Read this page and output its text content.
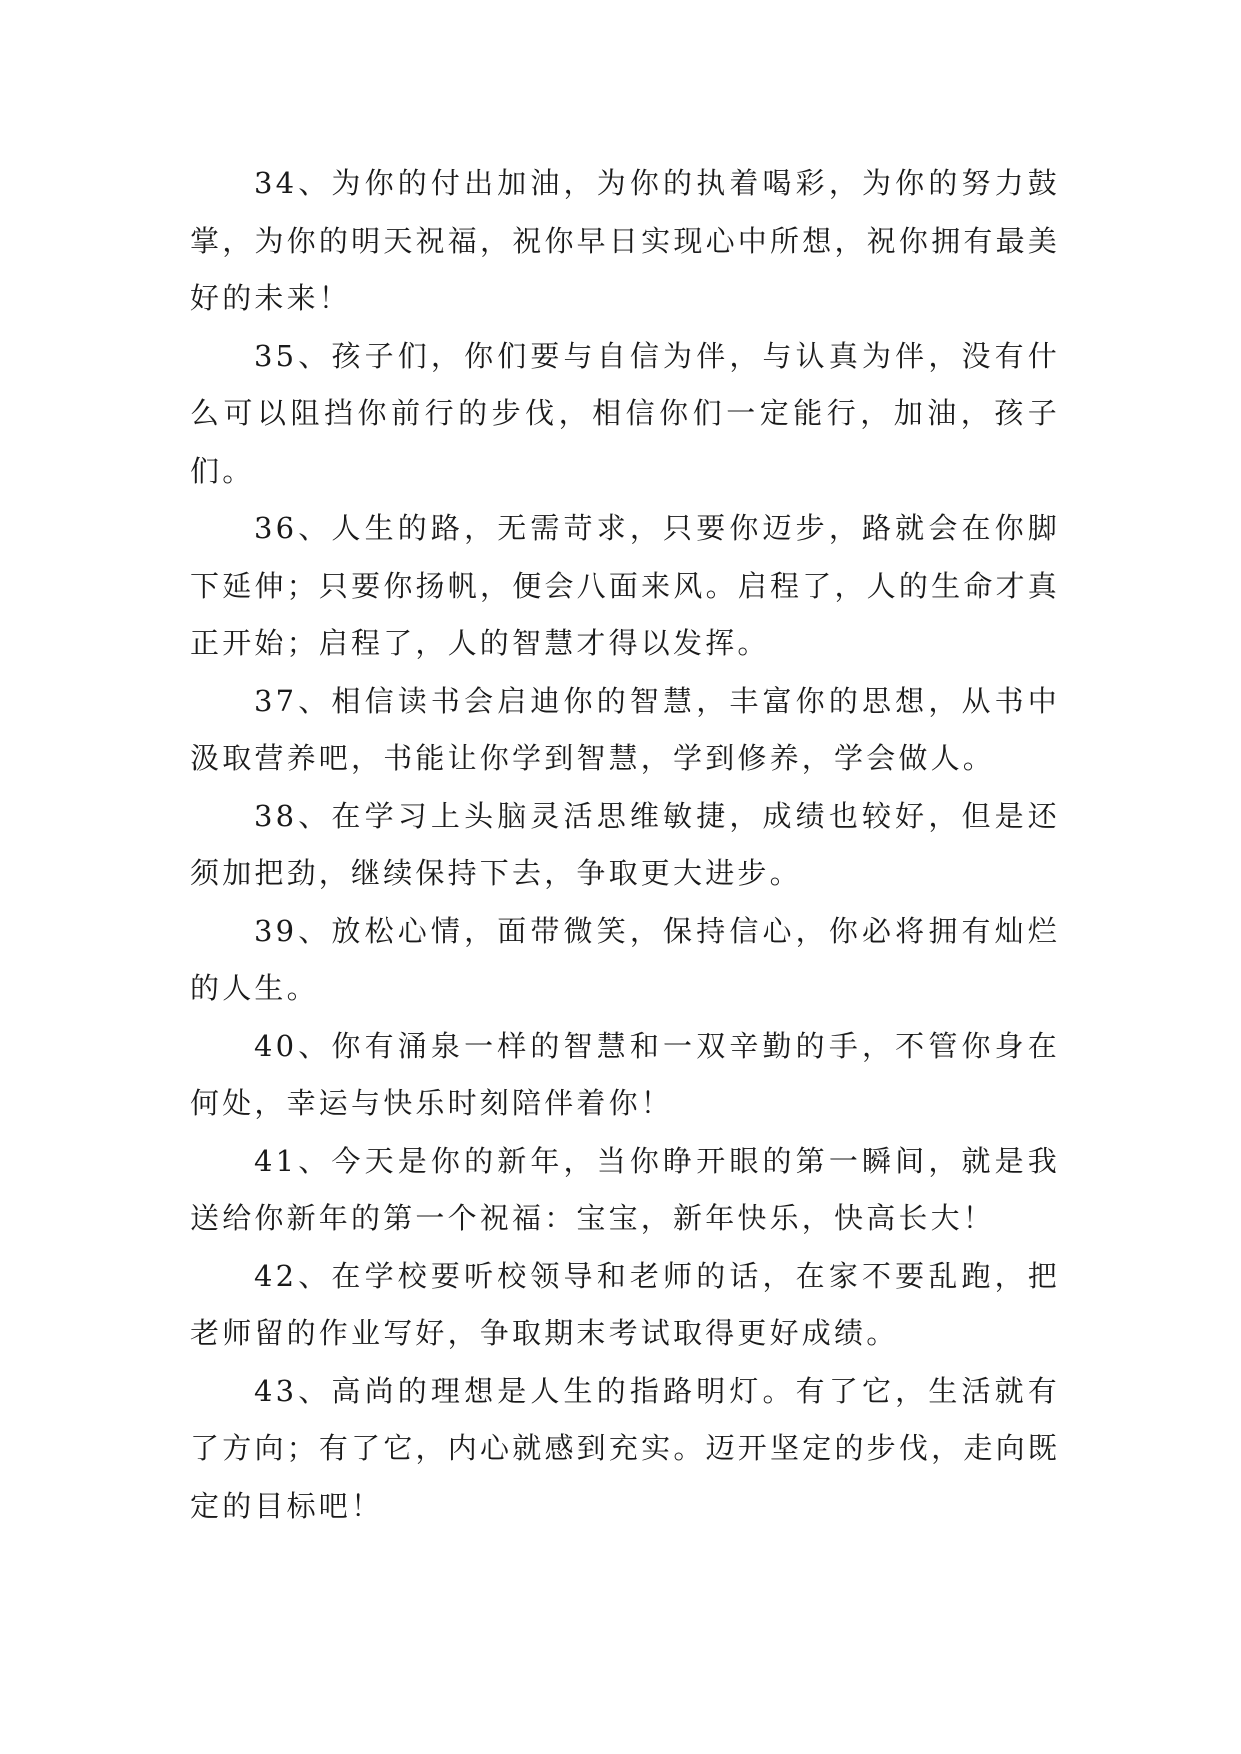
34、为你的付出加油，为你的执着喝彩，为你的努力鼓掌，为你的明天祝福，祝你早日实现心中所想，祝你拥有最美好的未来！

35、孩子们，你们要与自信为伴，与认真为伴，没有什么可以阻挡你前行的步伐，相信你们一定能行，加油，孩子们。

36、人生的路，无需苛求，只要你迈步，路就会在你脚下延伸；只要你扬帆，便会八面来风。启程了，人的生命才真正开始；启程了，人的智慧才得以发挥。

37、相信读书会启迪你的智慧，丰富你的思想，从书中汲取营养吧，书能让你学到智慧，学到修养，学会做人。

38、在学习上头脑灵活思维敏捷，成绩也较好，但是还须加把劲，继续保持下去，争取更大进步。

39、放松心情，面带微笑，保持信心，你必将拥有灿烂的人生。

40、你有涌泉一样的智慧和一双辛勤的手，不管你身在何处，幸运与快乐时刻陪伴着你！

41、今天是你的新年，当你睁开眼的第一瞬间，就是我送给你新年的第一个祝福：宝宝，新年快乐，快高长大！

42、在学校要听校领导和老师的话，在家不要乱跑，把老师留的作业写好，争取期末考试取得更好成绩。

43、高尚的理想是人生的指路明灯。有了它，生活就有了方向；有了它，内心就感到充实。迈开坚定的步伐，走向既定的目标吧！
